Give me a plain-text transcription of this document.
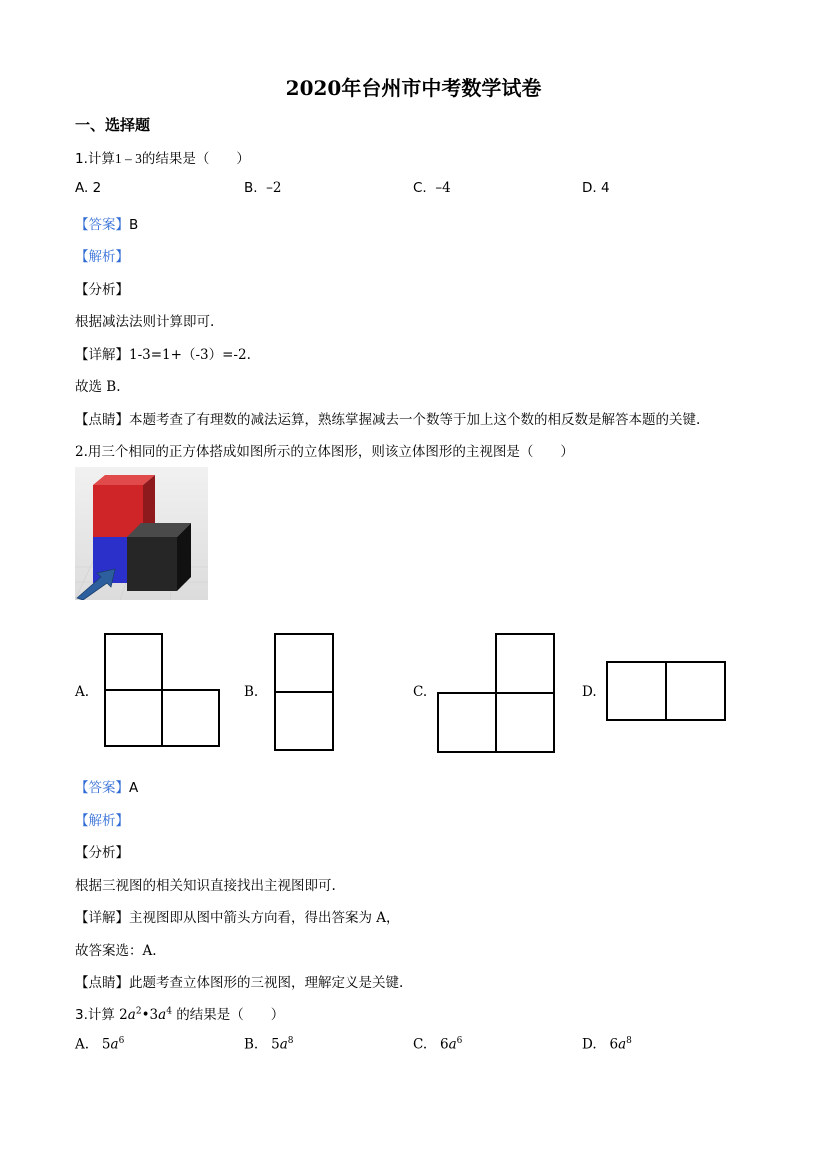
2020年台州市中考数学试卷
一、选择题
1.计算1 – 3的结果是（　　）
A. 2	B. –2	C. –4	D. 4
【答案】B
【解析】
【分析】
根据减法法则计算即可.
【详解】1-3=1+（-3）=-2.
故选 B.
【点睛】本题考查了有理数的减法运算，熟练掌握减去一个数等于加上这个数的相反数是解答本题的关键.
2.用三个相同的正方体搭成如图所示的立体图形，则该立体图形的主视图是（　　）
A.	B.	C.	D.
【答案】A
【解析】
【分析】
根据三视图的相关知识直接找出主视图即可.
【详解】主视图即从图中箭头方向看，得出答案为 A，
故答案选：A.
【点睛】此题考查立体图形的三视图，理解定义是关键.
3.计算 $2a^2•3a^4$ 的结果是（　　）
A. $5a^6$	B. $5a^8$	C. $6a^6$	D. $6a^8$
